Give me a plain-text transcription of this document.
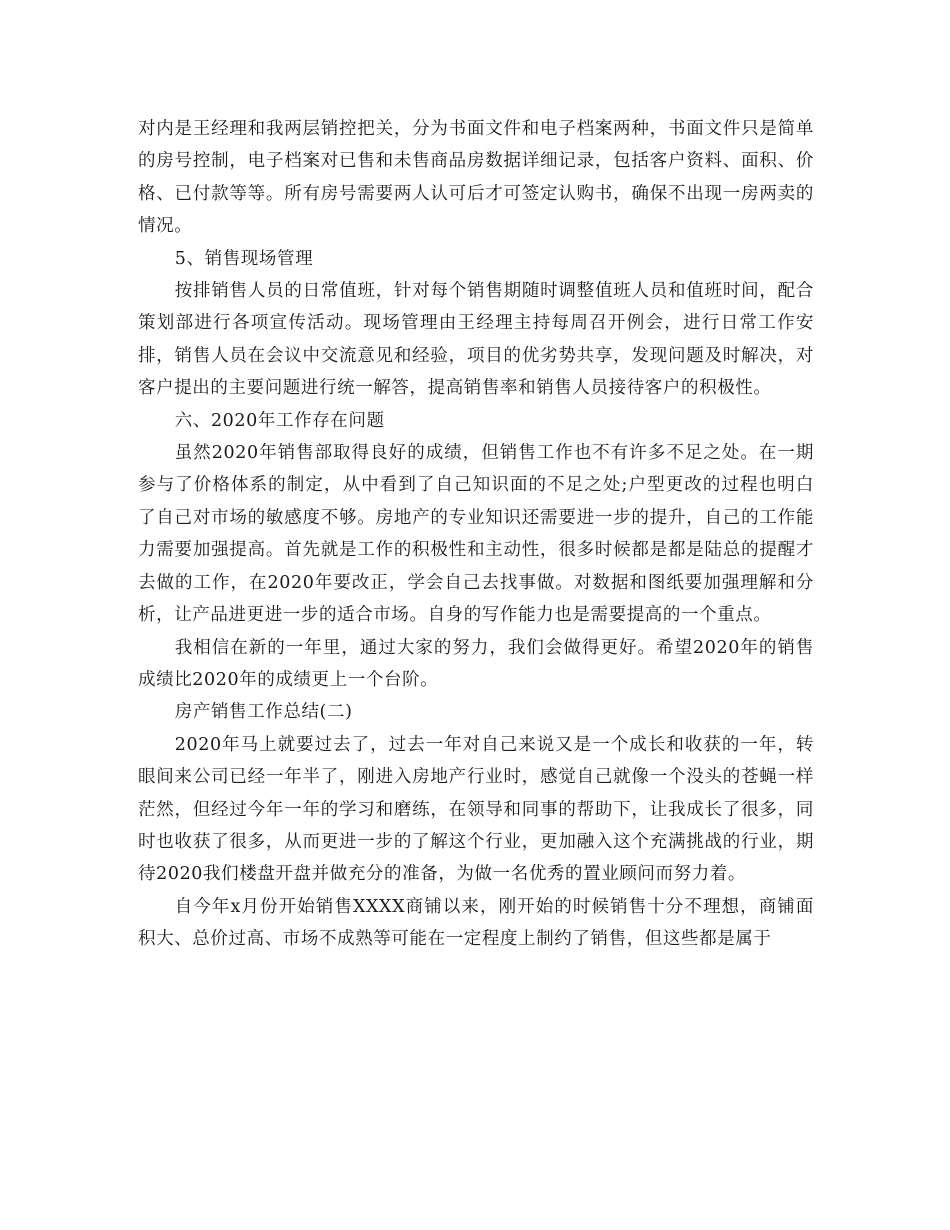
对内是王经理和我两层销控把关，分为书面文件和电子档案两种，书面文件只是简单的房号控制，电子档案对已售和未售商品房数据详细记录，包括客户资料、面积、价格、已付款等等。所有房号需要两人认可后才可签定认购书，确保不出现一房两卖的情况。

5、销售现场管理

按排销售人员的日常值班，针对每个销售期随时调整值班人员和值班时间，配合策划部进行各项宣传活动。现场管理由王经理主持每周召开例会，进行日常工作安排，销售人员在会议中交流意见和经验，项目的优劣势共享，发现问题及时解决，对客户提出的主要问题进行统一解答，提高销售率和销售人员接待客户的积极性。

六、2020年工作存在问题

虽然2020年销售部取得良好的成绩，但销售工作也不有许多不足之处。在一期参与了价格体系的制定，从中看到了自己知识面的不足之处;户型更改的过程也明白了自己对市场的敏感度不够。房地产的专业知识还需要进一步的提升，自己的工作能力需要加强提高。首先就是工作的积极性和主动性，很多时候都是都是陆总的提醒才去做的工作，在2020年要改正，学会自己去找事做。对数据和图纸要加强理解和分析，让产品进更进一步的适合市场。自身的写作能力也是需要提高的一个重点。

我相信在新的一年里，通过大家的努力，我们会做得更好。希望2020年的销售成绩比2020年的成绩更上一个台阶。

房产销售工作总结(二)

2020年马上就要过去了，过去一年对自己来说又是一个成长和收获的一年，转眼间来公司已经一年半了，刚进入房地产行业时，感觉自己就像一个没头的苍蝇一样茫然，但经过今年一年的学习和磨练，在领导和同事的帮助下，让我成长了很多，同时也收获了很多，从而更进一步的了解这个行业，更加融入这个充满挑战的行业，期待2020我们楼盘开盘并做充分的准备，为做一名优秀的置业顾问而努力着。

自今年x月份开始销售XXXX商铺以来，刚开始的时候销售十分不理想，商铺面积大、总价过高、市场不成熟等可能在一定程度上制约了销售，但这些都是属于
